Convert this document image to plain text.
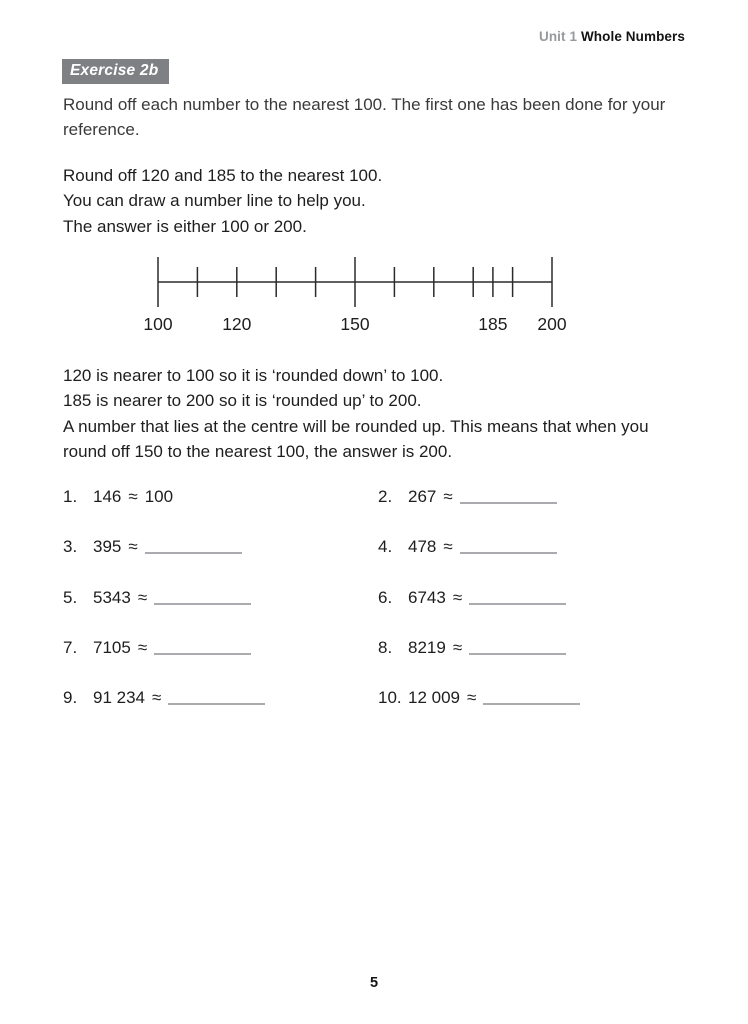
Unit 1 Whole Numbers
Exercise 2b
Round off each number to the nearest 100. The first one has been done for your reference.
Round off 120 and 185 to the nearest 100.
You can draw a number line to help you.
The answer is either 100 or 200.
100	120	150	185 200
120 is nearer to 100 so it is ‘rounded down’ to 100.
185 is nearer to 200 so it is ‘rounded up’ to 200.
A number that lies at the centre will be rounded up. This means that when you round off 150 to the nearest 100, the answer is 200.
1. 146 ≈ 100	2. 267 ≈
3. 395 ≈	4. 478 ≈
5. 5343 ≈	6. 6743 ≈
7. 7105 ≈	8. 8219 ≈
9. 91 234 ≈	10. 12 009 ≈
5
